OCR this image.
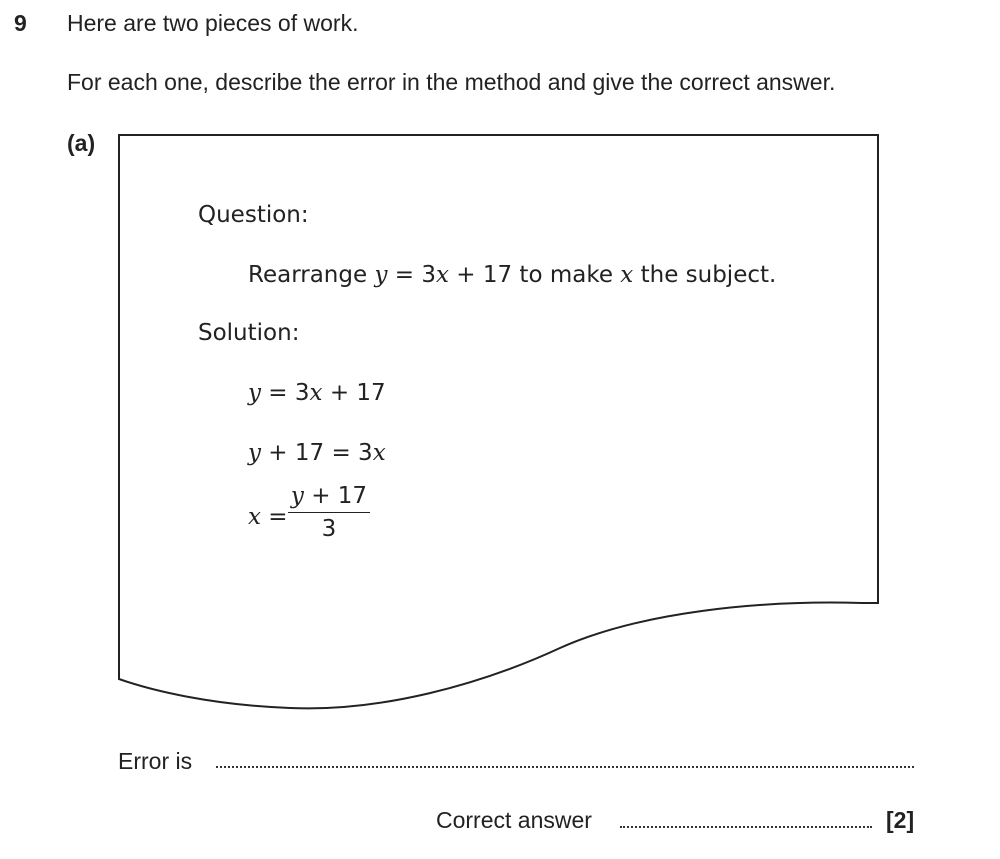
9 Here are two pieces of work.
For each one, describe the error in the method and give the correct answer.
(a)
Question:
Rearrange y = 3x + 17 to make x the subject.
Solution:
y = 3x + 17
y + 17 = 3x
$x = \frac{y + 17}{3}$
Error is
Correct answer	[2]
